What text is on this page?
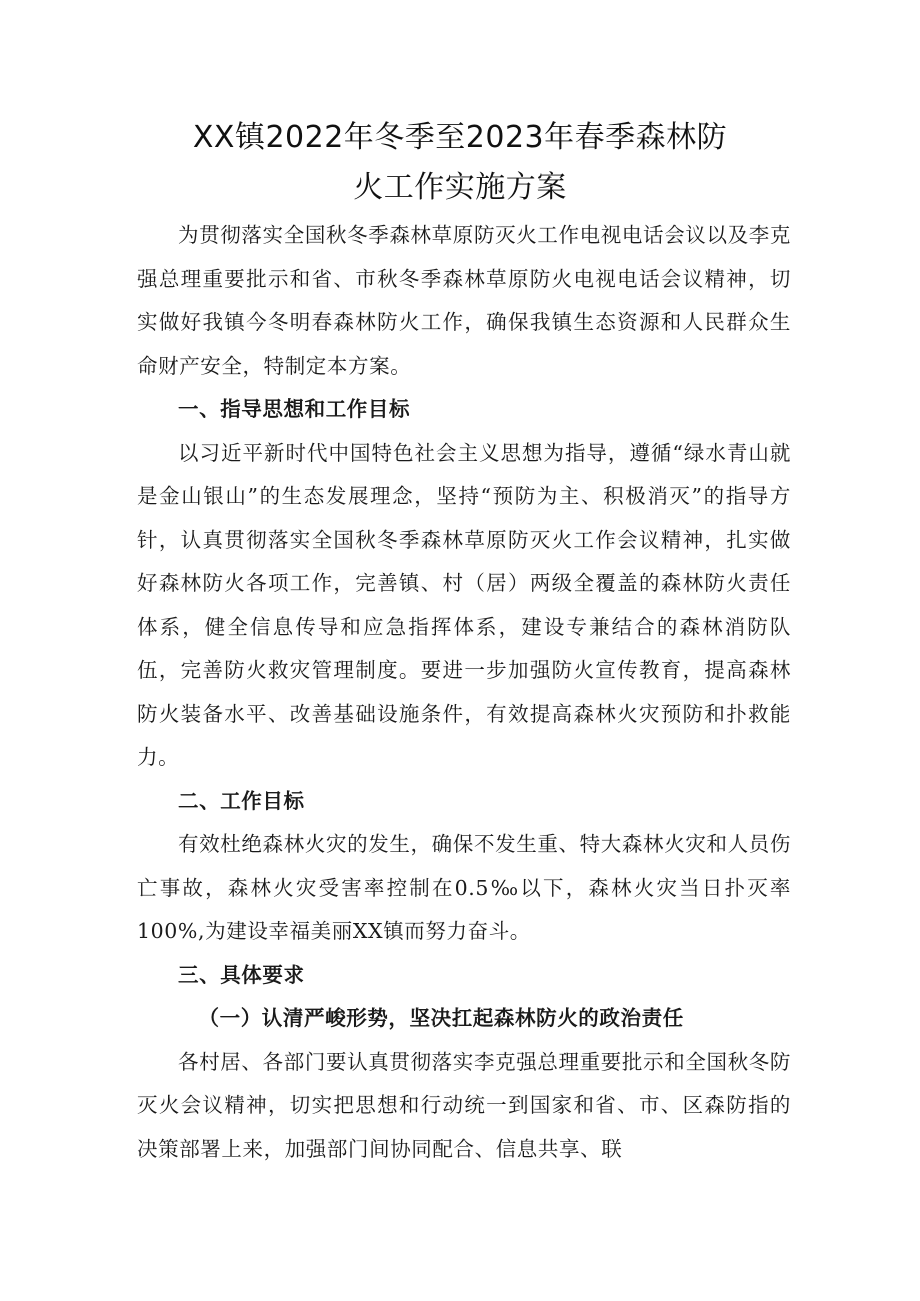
XX镇2022年冬季至2023年春季森林防
火工作实施方案

为贯彻落实全国秋冬季森林草原防灭火工作电视电话会议以及李克强总理重要批示和省、市秋冬季森林草原防火电视电话会议精神，切实做好我镇今冬明春森林防火工作，确保我镇生态资源和人民群众生命财产安全，特制定本方案。

一、指导思想和工作目标

以习近平新时代中国特色社会主义思想为指导，遵循“绿水青山就是金山银山”的生态发展理念，坚持“预防为主、积极消灭”的指导方针，认真贯彻落实全国秋冬季森林草原防灭火工作会议精神，扎实做好森林防火各项工作，完善镇、村（居）两级全覆盖的森林防火责任体系，健全信息传导和应急指挥体系，建设专兼结合的森林消防队伍，完善防火救灾管理制度。要进一步加强防火宣传教育，提高森林防火装备水平、改善基础设施条件，有效提高森林火灾预防和扑救能力。

二、工作目标

有效杜绝森林火灾的发生，确保不发生重、特大森林火灾和人员伤亡事故，森林火灾受害率控制在0.5‰以下，森林火灾当日扑灭率100%,为建设幸福美丽XX镇而努力奋斗。

三、具体要求
（一）认清严峻形势，坚决扛起森林防火的政治责任

各村居、各部门要认真贯彻落实李克强总理重要批示和全国秋冬防灭火会议精神，切实把思想和行动统一到国家和省、市、区森防指的决策部署上来，加强部门间协同配合、信息共享、联
